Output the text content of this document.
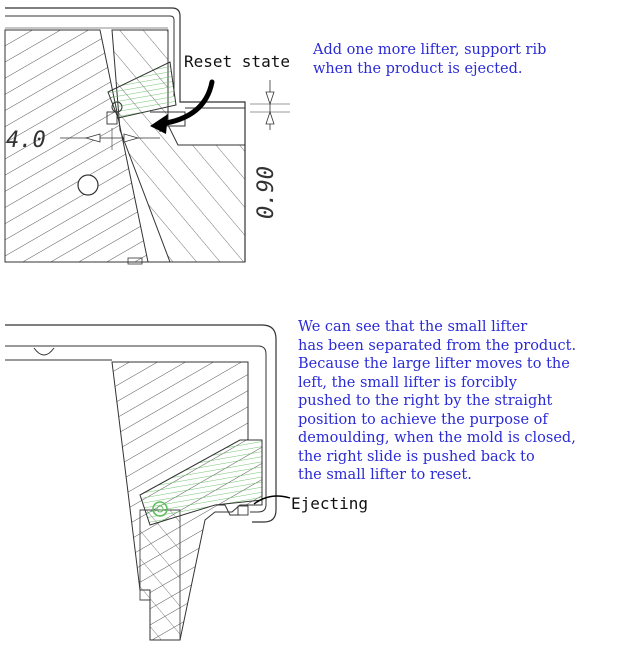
Reset state

Add one more lifter, support rib
when the product is ejected.

4.0
0.90

We can see that the small lifter
has been separated from the product.
Because the large lifter moves to the
left, the small lifter is forcibly
pushed to the right by the straight
position to achieve the purpose of
demoulding, when the mold is closed,
the right slide is pushed back to
the small lifter to reset.

Ejecting
